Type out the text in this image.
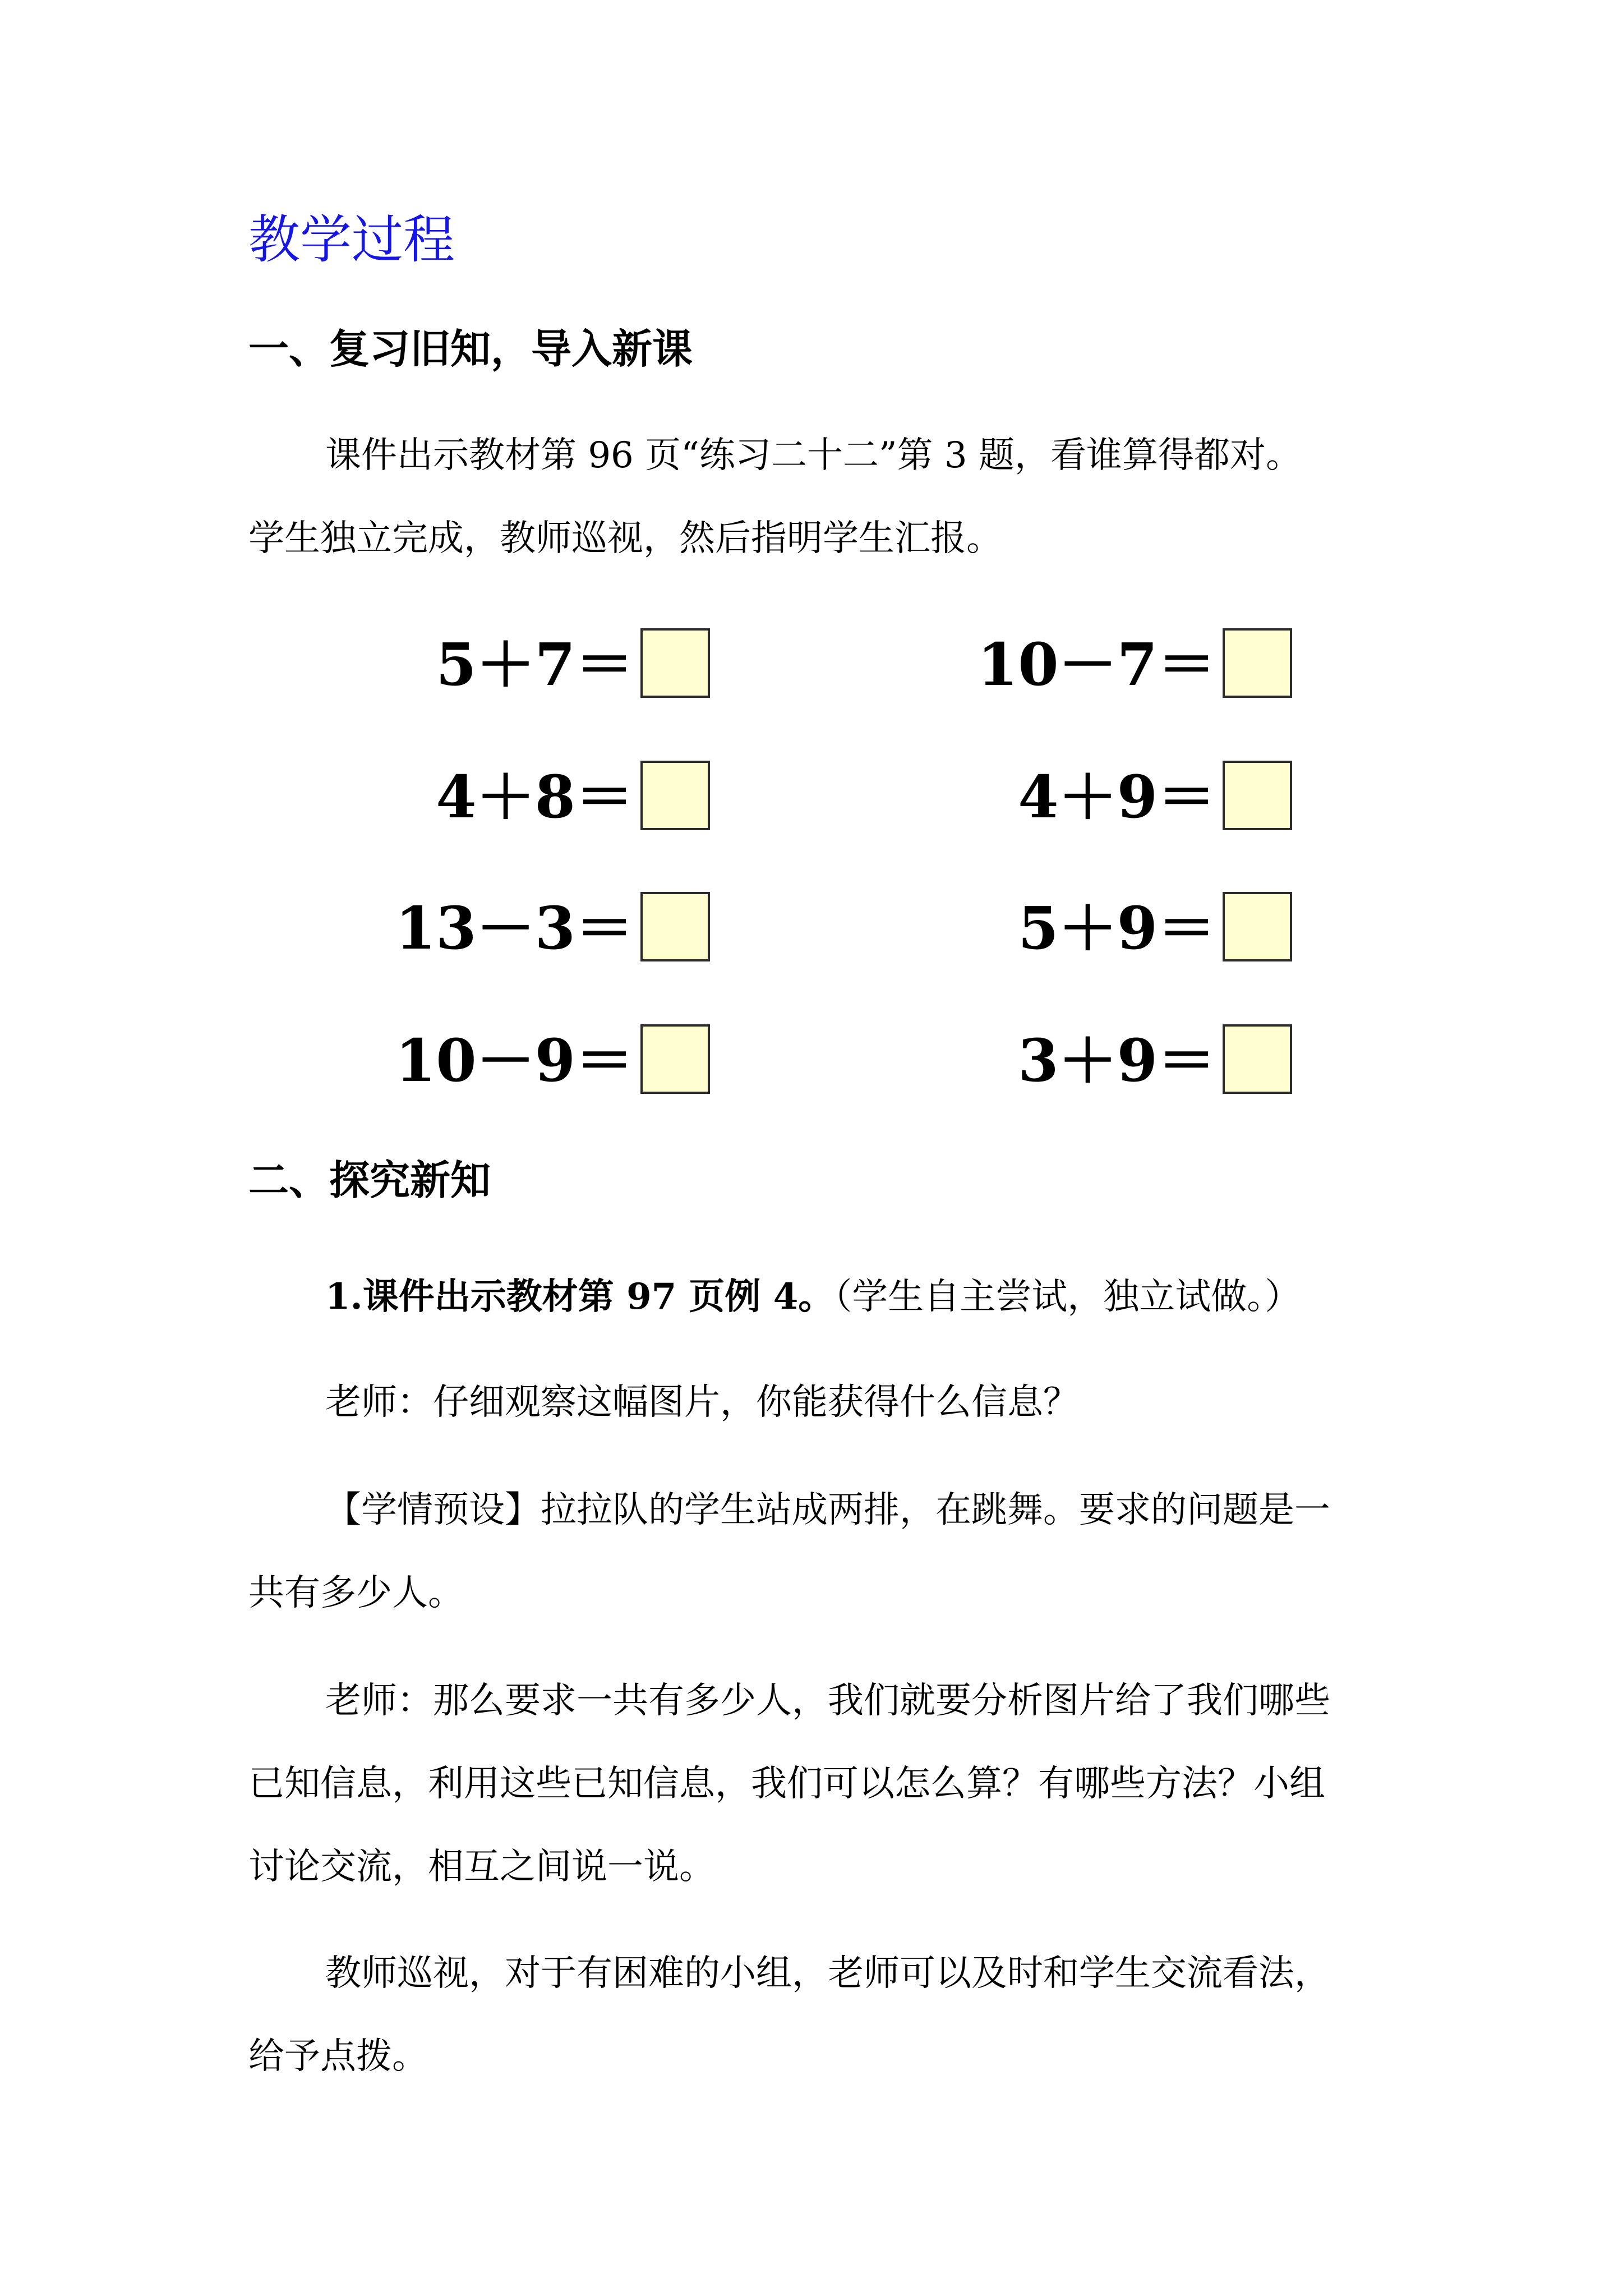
教学过程
一、复习旧知，导入新课
课件出示教材第 96 页“练习二十二”第 3 题，看谁算得都对。
学生独立完成，教师巡视，然后指明学生汇报。
5＋7＝
4＋8＝
13－3＝
10－9＝
10－7＝
4＋9＝
5＋9＝
3＋9＝
二、探究新知
1.课件出示教材第 97 页例 4。（学生自主尝试，独立试做。）
老师：仔细观察这幅图片，你能获得什么信息？
【学情预设】拉拉队的学生站成两排，在跳舞。要求的问题是一
共有多少人。
老师：那么要求一共有多少人，我们就要分析图片给了我们哪些
已知信息，利用这些已知信息，我们可以怎么算？有哪些方法？小组
讨论交流，相互之间说一说。
教师巡视，对于有困难的小组，老师可以及时和学生交流看法，
给予点拨。
